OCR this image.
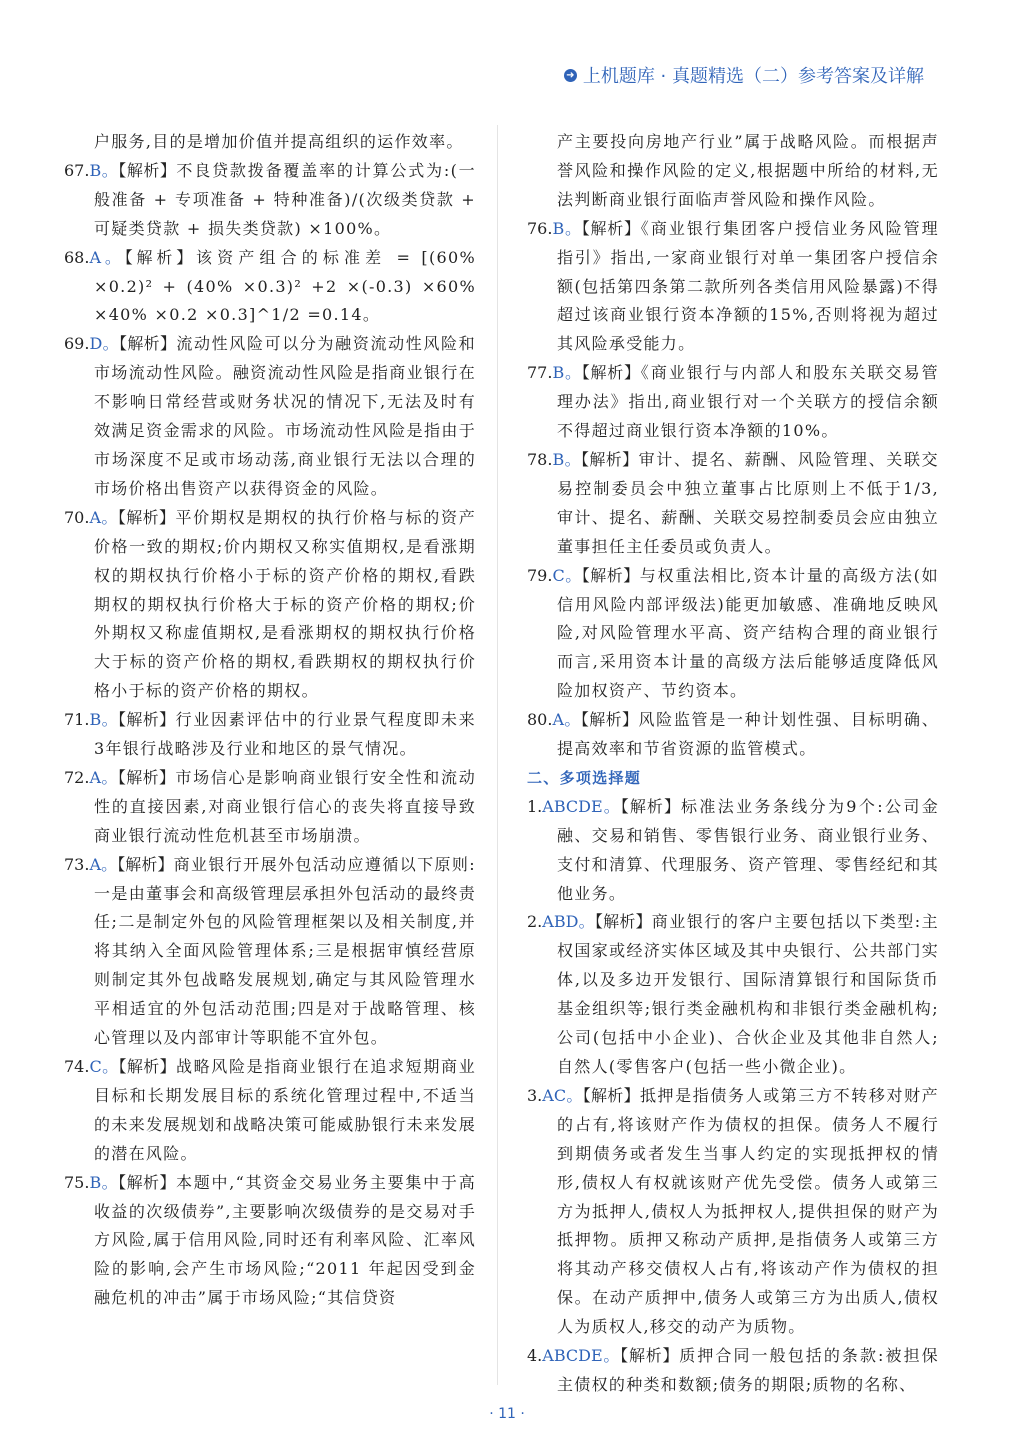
➜ 上机题库 · 真题精选（二）参考答案及详解

户服务,目的是增加价值并提高组织的运作效率。

67.B。【解析】不良贷款拨备覆盖率的计算公式为:(一般准备 + 专项准备 + 特种准备)/(次级类贷款 + 可疑类贷款 + 损失类贷款) ×100%。

68.A。【解析】该资产组合的标准差 = [(60% ×0.2)² + (40% ×0.3)² +2 ×(-0.3) ×60% ×40% ×0.2 ×0.3]^1/2 =0.14。

69.D。【解析】流动性风险可以分为融资流动性风险和市场流动性风险。融资流动性风险是指商业银行在不影响日常经营或财务状况的情况下,无法及时有效满足资金需求的风险。市场流动性风险是指由于市场深度不足或市场动荡,商业银行无法以合理的市场价格出售资产以获得资金的风险。

70.A。【解析】平价期权是期权的执行价格与标的资产价格一致的期权;价内期权又称实值期权,是看涨期权的期权执行价格小于标的资产价格的期权,看跌期权的期权执行价格大于标的资产价格的期权;价外期权又称虚值期权,是看涨期权的期权执行价格大于标的资产价格的期权,看跌期权的期权执行价格小于标的资产价格的期权。

71.B。【解析】行业因素评估中的行业景气程度即未来3年银行战略涉及行业和地区的景气情况。

72.A。【解析】市场信心是影响商业银行安全性和流动性的直接因素,对商业银行信心的丧失将直接导致商业银行流动性危机甚至市场崩溃。

73.A。【解析】商业银行开展外包活动应遵循以下原则:一是由董事会和高级管理层承担外包活动的最终责任;二是制定外包的风险管理框架以及相关制度,并将其纳入全面风险管理体系;三是根据审慎经营原则制定其外包战略发展规划,确定与其风险管理水平相适宜的外包活动范围;四是对于战略管理、核心管理以及内部审计等职能不宜外包。

74.C。【解析】战略风险是指商业银行在追求短期商业目标和长期发展目标的系统化管理过程中,不适当的未来发展规划和战略决策可能威胁银行未来发展的潜在风险。

75.B。【解析】本题中,“其资金交易业务主要集中于高收益的次级债券”,主要影响次级债券的是交易对手方风险,属于信用风险,同时还有利率风险、汇率风险的影响,会产生市场风险;“2011 年起因受到金融危机的冲击”属于市场风险;“其信贷资

产主要投向房地产行业”属于战略风险。而根据声誉风险和操作风险的定义,根据题中所给的材料,无法判断商业银行面临声誉风险和操作风险。

76.B。【解析】《商业银行集团客户授信业务风险管理指引》指出,一家商业银行对单一集团客户授信余额(包括第四条第二款所列各类信用风险暴露)不得超过该商业银行资本净额的15%,否则将视为超过其风险承受能力。

77.B。【解析】《商业银行与内部人和股东关联交易管理办法》指出,商业银行对一个关联方的授信余额不得超过商业银行资本净额的10%。

78.B。【解析】审计、提名、薪酬、风险管理、关联交易控制委员会中独立董事占比原则上不低于1/3,审计、提名、薪酬、关联交易控制委员会应由独立董事担任主任委员或负责人。

79.C。【解析】与权重法相比,资本计量的高级方法(如信用风险内部评级法)能更加敏感、准确地反映风险,对风险管理水平高、资产结构合理的商业银行而言,采用资本计量的高级方法后能够适度降低风险加权资产、节约资本。

80.A。【解析】风险监管是一种计划性强、目标明确、提高效率和节省资源的监管模式。

二、多项选择题

1.ABCDE。【解析】标准法业务条线分为9个:公司金融、交易和销售、零售银行业务、商业银行业务、支付和清算、代理服务、资产管理、零售经纪和其他业务。

2.ABD。【解析】商业银行的客户主要包括以下类型:主权国家或经济实体区域及其中央银行、公共部门实体,以及多边开发银行、国际清算银行和国际货币基金组织等;银行类金融机构和非银行类金融机构;公司(包括中小企业)、合伙企业及其他非自然人;自然人(零售客户(包括一些小微企业)。

3.AC。【解析】抵押是指债务人或第三方不转移对财产的占有,将该财产作为债权的担保。债务人不履行到期债务或者发生当事人约定的实现抵押权的情形,债权人有权就该财产优先受偿。债务人或第三方为抵押人,债权人为抵押权人,提供担保的财产为抵押物。质押又称动产质押,是指债务人或第三方将其动产移交债权人占有,将该动产作为债权的担保。在动产质押中,债务人或第三方为出质人,债权人为质权人,移交的动产为质物。

4.ABCDE。【解析】质押合同一般包括的条款:被担保主债权的种类和数额;债务的期限;质物的名称、

· 11 ·
